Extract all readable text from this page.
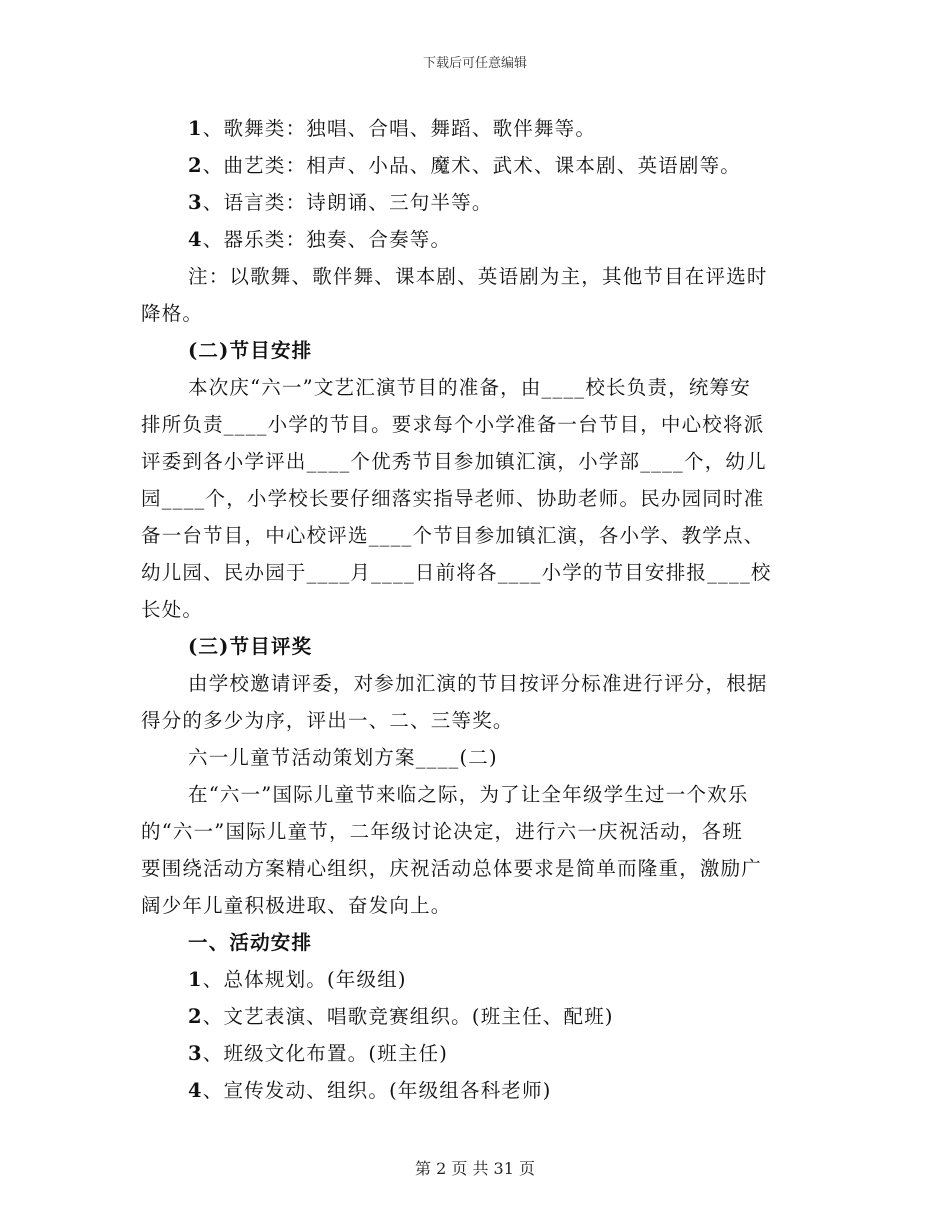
下载后可任意编辑
1、歌舞类：独唱、合唱、舞蹈、歌伴舞等。
2、曲艺类：相声、小品、魔术、武术、课本剧、英语剧等。
3、语言类：诗朗诵、三句半等。
4、器乐类：独奏、合奏等。
注：以歌舞、歌伴舞、课本剧、英语剧为主，其他节目在评选时
降格。
(二)节目安排
本次庆“六一”文艺汇演节目的准备，由____校长负责，统筹安
排所负责____小学的节目。要求每个小学准备一台节目，中心校将派
评委到各小学评出____个优秀节目参加镇汇演，小学部____个，幼儿
园____个，小学校长要仔细落实指导老师、协助老师。民办园同时准
备一台节目，中心校评选____个节目参加镇汇演，各小学、教学点、
幼儿园、民办园于____月____日前将各____小学的节目安排报____校
长处。
(三)节目评奖
由学校邀请评委，对参加汇演的节目按评分标准进行评分，根据
得分的多少为序，评出一、二、三等奖。
六一儿童节活动策划方案____(二)
在“六一”国际儿童节来临之际，为了让全年级学生过一个欢乐
的“六一”国际儿童节，二年级讨论决定，进行六一庆祝活动，各班
要围绕活动方案精心组织，庆祝活动总体要求是简单而隆重，激励广
阔少年儿童积极进取、奋发向上。
一、活动安排
1、总体规划。(年级组)
2、文艺表演、唱歌竞赛组织。(班主任、配班)
3、班级文化布置。(班主任)
4、宣传发动、组织。(年级组各科老师)
第 2 页 共 31 页
